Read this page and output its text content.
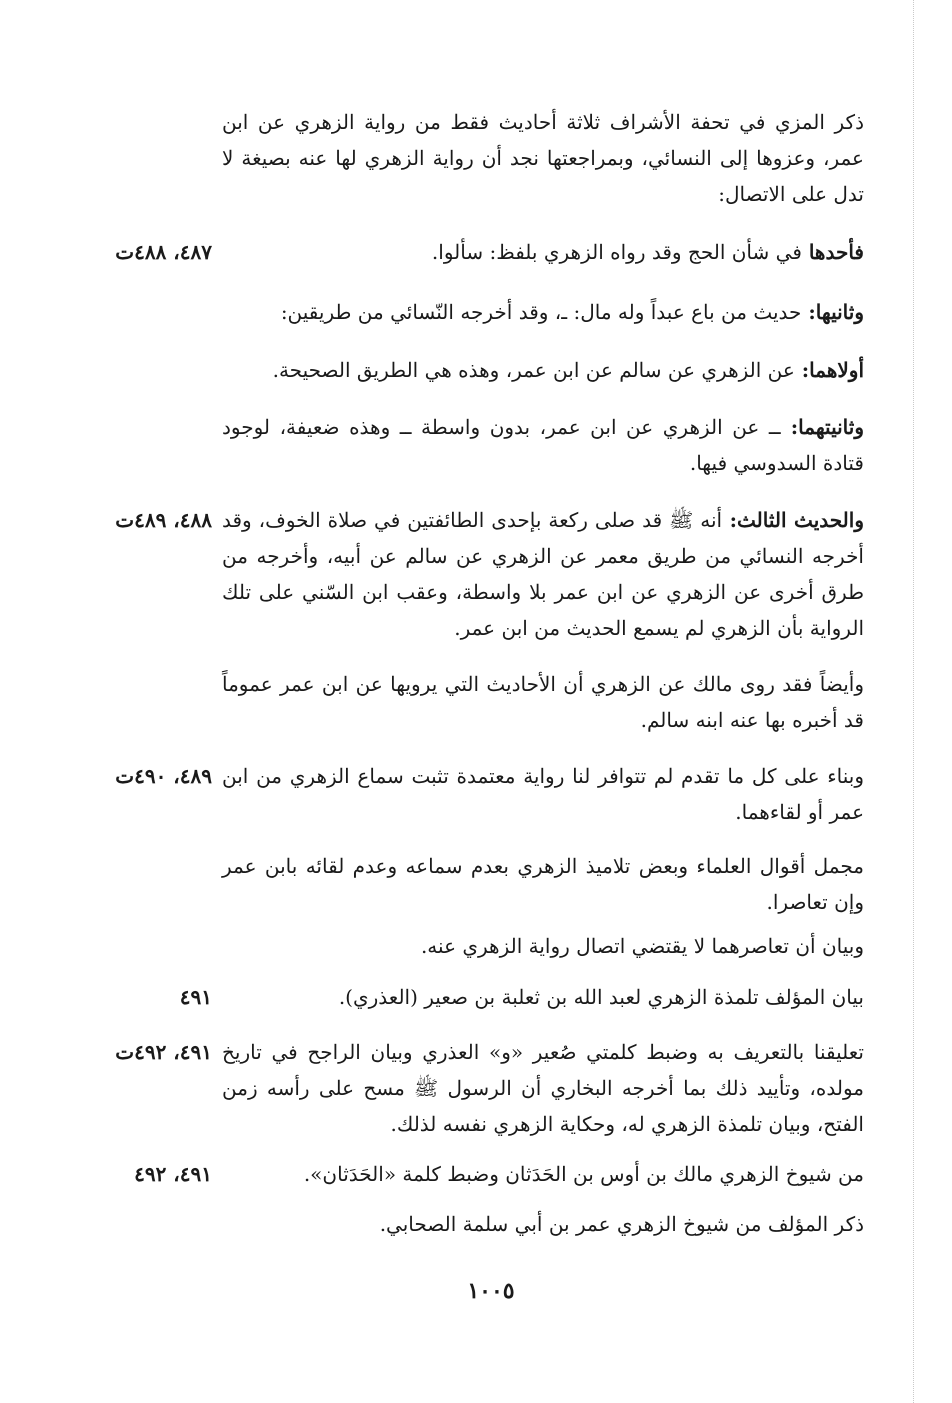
ذكر المزي في تحفة الأشراف ثلاثة أحاديث فقط من رواية الزهري عن ابن عمر، وعزوها إلى النسائي، وبمراجعتها نجد أن رواية الزهري لها عنه بصيغة لا تدل على الاتصال:
فأحدها في شأن الحج وقد رواه الزهري بلفظ: سألوا.
٤٨٧، ٤٨٨ت
وثانيها: حديث من باع عبداً وله مال: ـ، وقد أخرجه النّسائي من طريقين:
أولاهما: عن الزهري عن سالم عن ابن عمر، وهذه هي الطريق الصحيحة.
وثانيتهما: ــ عن الزهري عن ابن عمر، بدون واسطة ــ وهذه ضعيفة، لوجود قتادة السدوسي فيها.
والحديث الثالث: أنه ﷺ قد صلى ركعة بإحدى الطائفتين في صلاة الخوف، وقد أخرجه النسائي من طريق معمر عن الزهري عن سالم عن أبيه، وأخرجه من طرق أخرى عن الزهري عن ابن عمر بلا واسطة، وعقب ابن السّني على تلك الرواية بأن الزهري لم يسمع الحديث من ابن عمر.
٤٨٨، ٤٨٩ت
وأيضاً فقد روى مالك عن الزهري أن الأحاديث التي يرويها عن ابن عمر عموماً قد أخبره بها عنه ابنه سالم.
وبناء على كل ما تقدم لم تتوافر لنا رواية معتمدة تثبت سماع الزهري من ابن عمر أو لقاءهما.
٤٨٩، ٤٩٠ت
مجمل أقوال العلماء وبعض تلاميذ الزهري بعدم سماعه وعدم لقائه بابن عمر وإن تعاصرا.
وبيان أن تعاصرهما لا يقتضي اتصال رواية الزهري عنه.
بيان المؤلف تلمذة الزهري لعبد الله بن ثعلبة بن صعير (العذري).
٤٩١
تعليقنا بالتعريف به وضبط كلمتي صُعير «و» العذري وبيان الراجح في تاريخ مولده، وتأييد ذلك بما أخرجه البخاري أن الرسول ﷺ مسح على رأسه زمن الفتح، وبيان تلمذة الزهري له، وحكاية الزهري نفسه لذلك.
٤٩١، ٤٩٢ت
من شيوخ الزهري مالك بن أوس بن الحَدَثان وضبط كلمة «الحَدَثان».
٤٩١، ٤٩٢
ذكر المؤلف من شيوخ الزهري عمر بن أبي سلمة الصحابي.
١٠٠٥
